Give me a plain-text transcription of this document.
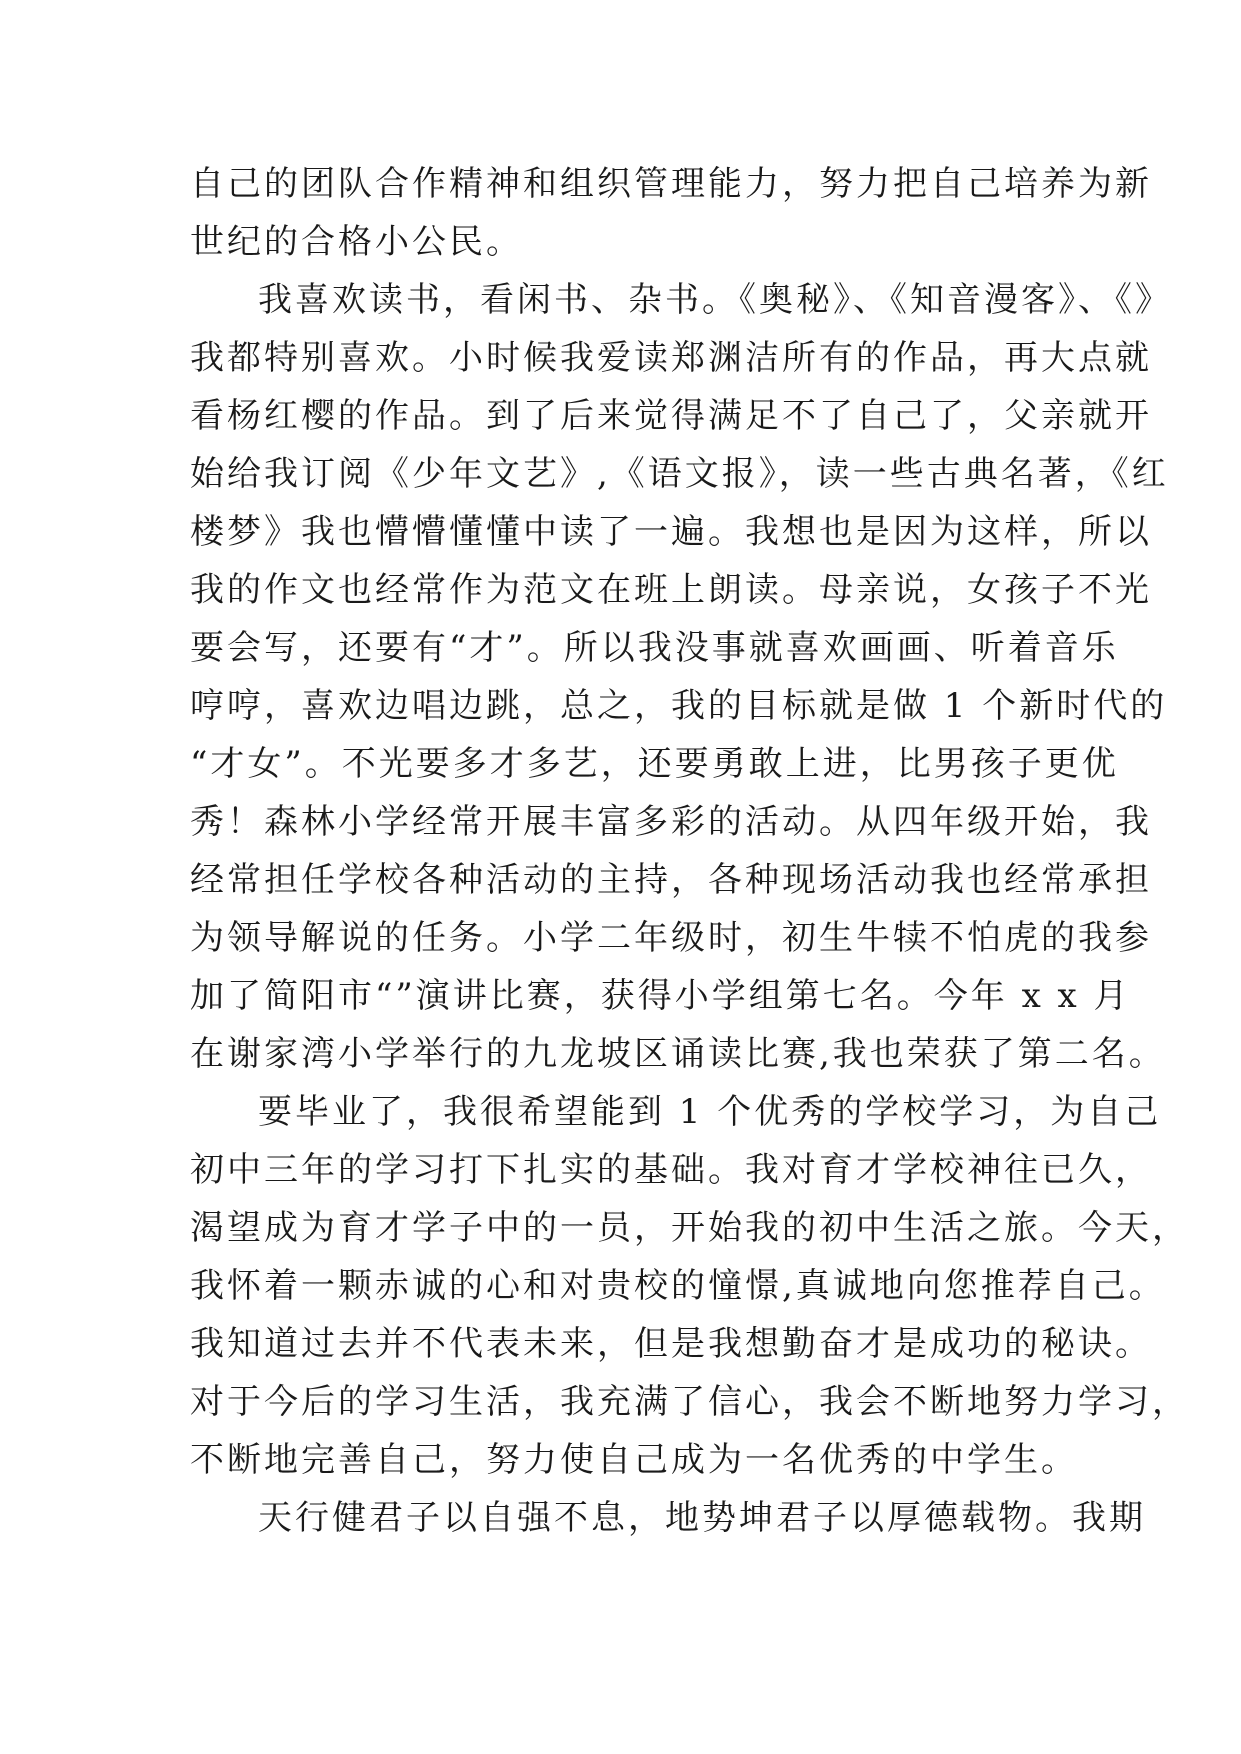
自己的团队合作精神和组织管理能力，努力把自己培养为新
世纪的合格小公民。
我喜欢读书，看闲书、杂书。《奥秘》、《知音漫客》、《》
我都特别喜欢。小时候我爱读郑渊洁所有的作品，再大点就
看杨红樱的作品。到了后来觉得满足不了自己了，父亲就开
始给我订阅《少年文艺》,《语文报》，读一些古典名著，《红
楼梦》我也懵懵懂懂中读了一遍。我想也是因为这样，所以
我的作文也经常作为范文在班上朗读。母亲说，女孩子不光
要会写，还要有“才”。所以我没事就喜欢画画、听着音乐
哼哼，喜欢边唱边跳，总之，我的目标就是做 1 个新时代的
“才女”。不光要多才多艺，还要勇敢上进，比男孩子更优
秀！森林小学经常开展丰富多彩的活动。从四年级开始，我
经常担任学校各种活动的主持，各种现场活动我也经常承担
为领导解说的任务。小学二年级时，初生牛犊不怕虎的我参
加了简阳市“”演讲比赛，获得小学组第七名。今年 x x 月
在谢家湾小学举行的九龙坡区诵读比赛,我也荣获了第二名。
要毕业了，我很希望能到 1 个优秀的学校学习，为自己
初中三年的学习打下扎实的基础。我对育才学校神往已久，
渴望成为育才学子中的一员，开始我的初中生活之旅。今天，
我怀着一颗赤诚的心和对贵校的憧憬,真诚地向您推荐自己。
我知道过去并不代表未来，但是我想勤奋才是成功的秘诀。
对于今后的学习生活，我充满了信心，我会不断地努力学习，
不断地完善自己，努力使自己成为一名优秀的中学生。
天行健君子以自强不息，地势坤君子以厚德载物。我期
